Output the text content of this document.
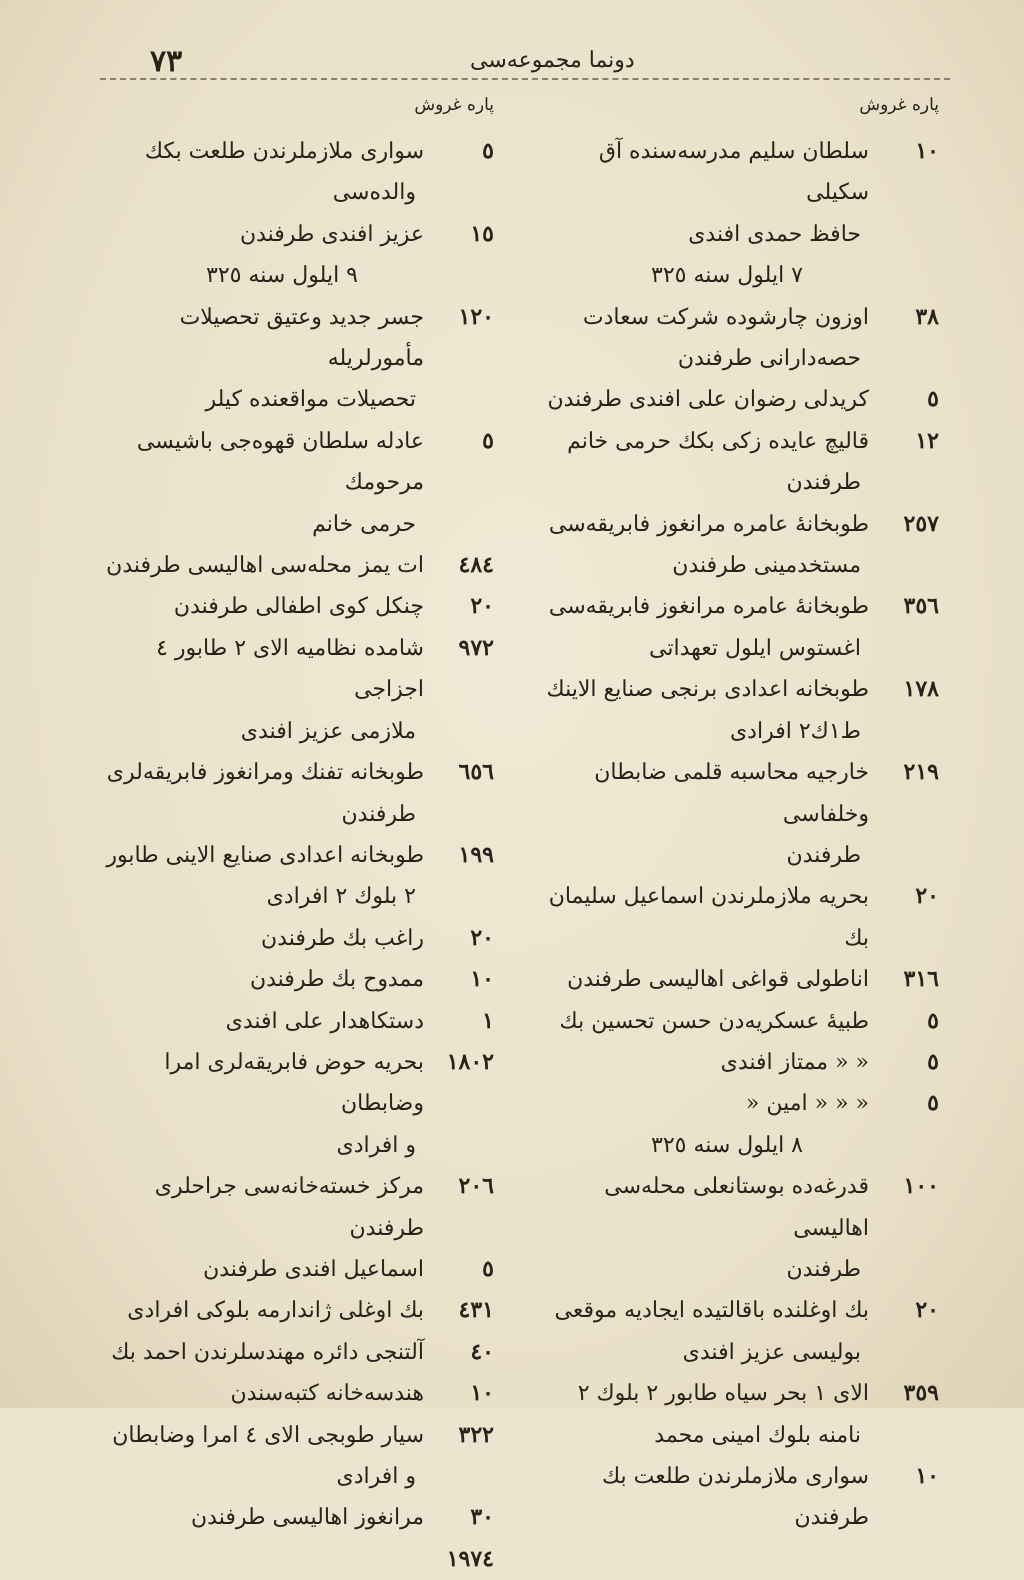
٧٣	دونما مجموعه‌سی
پاره غروش
١٠
سلطان سليم مدرسه‌سنده آق سكيلى
حافظ حمدى افندى
٧ ايلول سنه ٣٢٥
٣٨
اوزون چارشوده شركت سعادت
حصه‌دارانى طرفندن
٥
كريدلى رضوان على افندى طرفندن
١٢
قاليچ عايده زكى بكك حرمى خانم
طرفندن
٢٥٧
طوبخانهٔ عامره مرانغوز فابريقه‌سى
مستخدمينى طرفندن
٣٥٦
طوبخانهٔ عامره مرانغوز فابريقه‌سى
اغستوس ايلول تعهداتى
١٧٨
طوبخانه اعدادى برنجى صنايع الاينك
ط١ك٢ افرادى
٢١٩
خارجيه محاسبه قلمى ضابطان وخلفاسى
طرفندن
٢٠
بحريه ملازملرندن اسماعيل سليمان بك
٣١٦
اناطولى قواغى اهاليسى طرفندن
٥
طبيهٔ عسكريه‌دن حسن تحسين بك
٥
« « ممتاز افندى
٥
« « « امين «
٨ ايلول سنه ٣٢٥
١٠٠
قدرغه‌ده بوستانعلى محله‌سى اهاليسى
طرفندن
٢٠
بك اوغلنده باقالتيده ايجاديه موقعى
بوليسى عزيز افندى
٣٥٩
الاى ١ بحر سياه طابور ٢ بلوك ٢
نامنه بلوك امينى محمد
١٠
سوارى ملازملرندن طلعت بك طرفندن
پاره غروش
٥
سوارى ملازملرندن طلعت بكك
والده‌سى
١٥
عزيز افندى طرفندن
٩ ايلول سنه ٣٢٥
١٢٠
جسر جديد وعتيق تحصيلات مأمورلريله
تحصيلات مواقعنده كيلر
٥
عادله سلطان قهوه‌جى باشيسى مرحومك
حرمى خانم
٤٨٤
ات يمز محله‌سى اهاليسى طرفندن
٢٠
چنكل كوى اطفالى طرفندن
٩٧٢
شامده نظاميه الاى ٢ طابور ٤ اجزاجى
ملازمى عزيز افندى
٦٥٦
طوبخانه تفنك ومرانغوز فابريقه‌لرى
طرفندن
١٩٩
طوبخانه اعدادى صنايع الاينى طابور
٢ بلوك ٢ افرادى
٢٠
راغب بك طرفندن
١٠
ممدوح بك طرفندن
١
دستكاهدار على افندى
١٨٠٢
بحريه حوض فابريقه‌لرى امرا وضابطان
و افرادى
٢٠٦
مركز خسته‌خانه‌سى جراحلرى طرفندن
٥
اسماعيل افندى طرفندن
٤٣١
بك اوغلى ژاندارمه بلوكى افرادى
٤٠
آلتنجى دائره مهندسلرندن احمد بك
١٠
هندسه‌خانه كتبه‌سندن
٣٢٢
سيار طوبجى الاى ٤ امرا وضابطان
و افرادى
٣٠ ١٩٧٤
مرانغوز اهاليسى طرفندن
